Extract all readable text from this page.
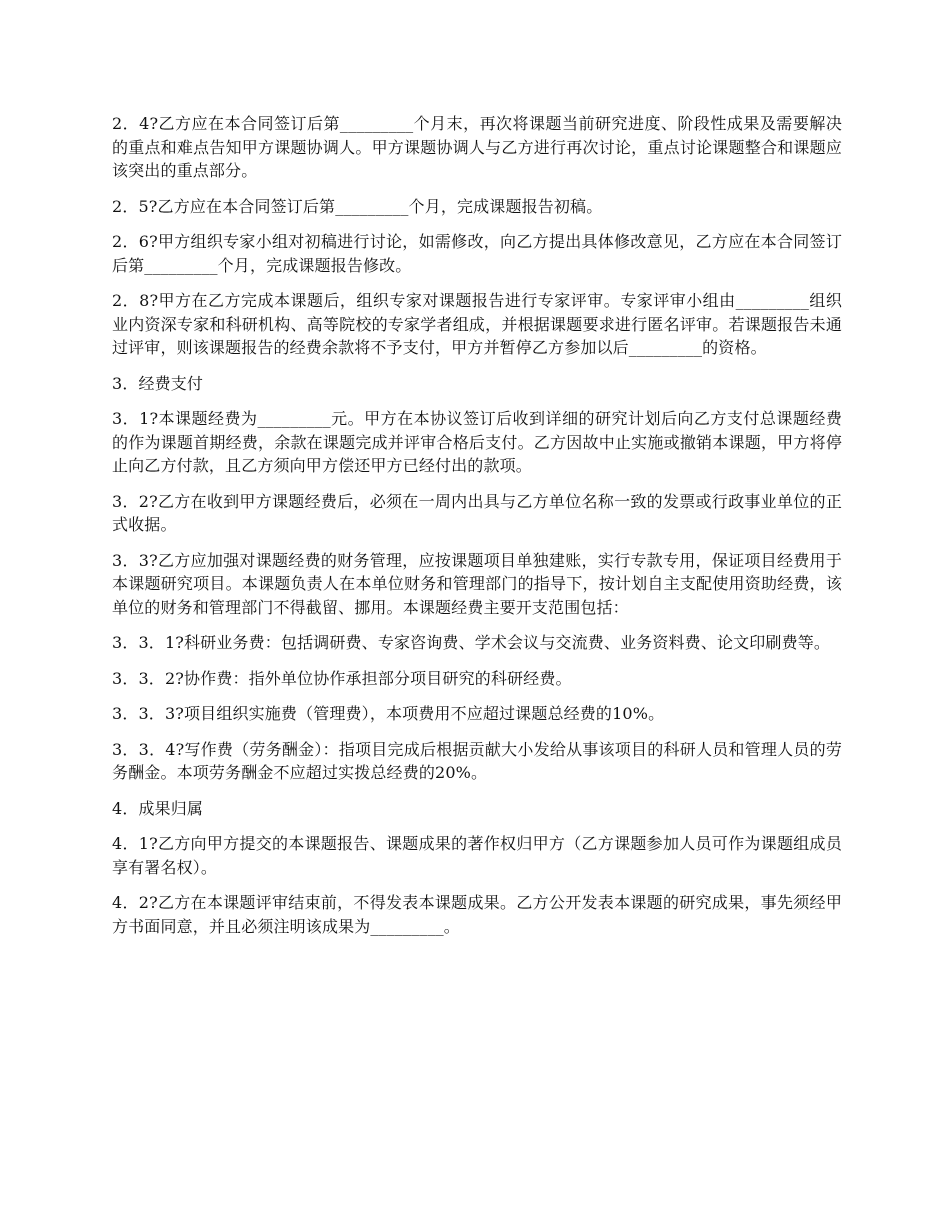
2．4?乙方应在本合同签订后第_________个月末，再次将课题当前研究进度、阶段性成果及需要解决的重点和难点告知甲方课题协调人。甲方课题协调人与乙方进行再次讨论，重点讨论课题整合和课题应该突出的重点部分。

2．5?乙方应在本合同签订后第_________个月，完成课题报告初稿。

2．6?甲方组织专家小组对初稿进行讨论，如需修改，向乙方提出具体修改意见，乙方应在本合同签订后第_________个月，完成课题报告修改。

2．8?甲方在乙方完成本课题后，组织专家对课题报告进行专家评审。专家评审小组由_________组织业内资深专家和科研机构、高等院校的专家学者组成，并根据课题要求进行匿名评审。若课题报告未通过评审，则该课题报告的经费余款将不予支付，甲方并暂停乙方参加以后_________的资格。

3．经费支付

3．1?本课题经费为_________元。甲方在本协议签订后收到详细的研究计划后向乙方支付总课题经费的作为课题首期经费，余款在课题完成并评审合格后支付。乙方因故中止实施或撤销本课题，甲方将停止向乙方付款，且乙方须向甲方偿还甲方已经付出的款项。

3．2?乙方在收到甲方课题经费后，必须在一周内出具与乙方单位名称一致的发票或行政事业单位的正式收据。

3．3?乙方应加强对课题经费的财务管理，应按课题项目单独建账，实行专款专用，保证项目经费用于本课题研究项目。本课题负责人在本单位财务和管理部门的指导下，按计划自主支配使用资助经费，该单位的财务和管理部门不得截留、挪用。本课题经费主要开支范围包括：

3．3．1?科研业务费：包括调研费、专家咨询费、学术会议与交流费、业务资料费、论文印刷费等。

3．3．2?协作费：指外单位协作承担部分项目研究的科研经费。

3．3．3?项目组织实施费（管理费），本项费用不应超过课题总经费的10%。

3．3．4?写作费（劳务酬金）：指项目完成后根据贡献大小发给从事该项目的科研人员和管理人员的劳务酬金。本项劳务酬金不应超过实拨总经费的20%。

4．成果归属

4．1?乙方向甲方提交的本课题报告、课题成果的著作权归甲方（乙方课题参加人员可作为课题组成员享有署名权）。

4．2?乙方在本课题评审结束前，不得发表本课题成果。乙方公开发表本课题的研究成果，事先须经甲方书面同意，并且必须注明该成果为_________。
